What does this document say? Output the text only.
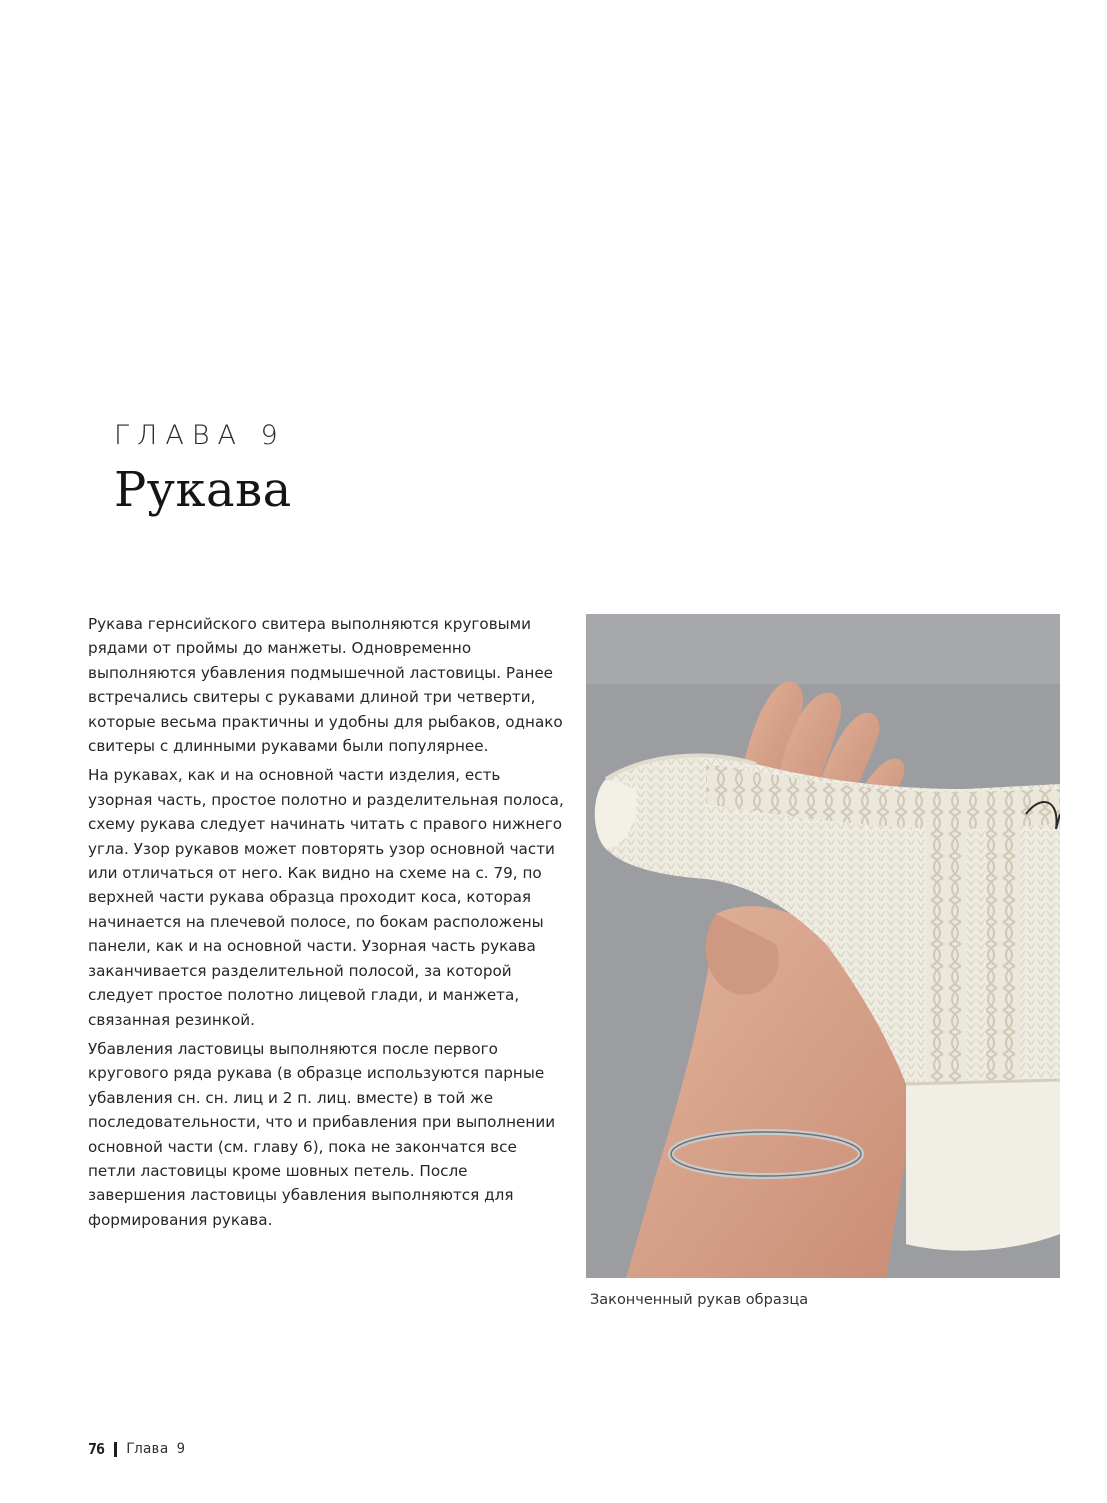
ГЛАВА 9
Рукава

Рукава гернсийского свитера выполняются круговыми рядами от проймы до манжеты. Одновременно выполняются убавления подмышечной ластовицы. Ранее встречались свитеры с рукавами длиной три четверти, которые весьма практичны и удобны для рыбаков, однако свитеры с длинными рукавами были популярнее.

На рукавах, как и на основной части изделия, есть узорная часть, простое полотно и разделительная полоса, схему рукава следует начинать читать с правого нижнего угла. Узор рукавов может повторять узор основной части или отличаться от него. Как видно на схеме на с. 79, по верхней части рукава образца проходит коса, которая начинается на плечевой полосе, по бокам расположены панели, как и на основной части. Узорная часть рукава заканчивается разделительной полосой, за которой следует простое полотно лицевой глади, и манжета, связанная резинкой.

Убавления ластовицы выполняются после первого кругового ряда рукава (в образце используются парные убавления сн. сн. лиц и 2 п. лиц. вместе) в той же последовательности, что и прибавления при выполнении основной части (см. главу 6), пока не закончатся все петли ластовицы кроме шовных петель. После завершения ластовицы убавления выполняются для формирования рукава.

Законченный рукав образца
76 Глава 9
